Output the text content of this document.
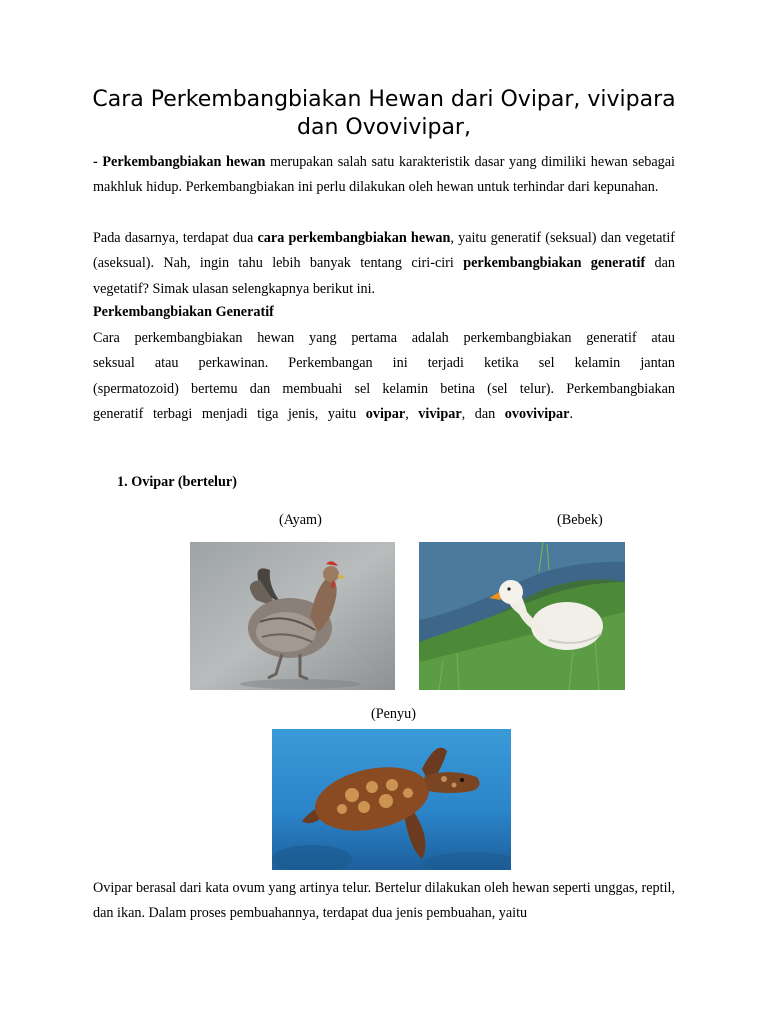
Cara Perkembangbiakan Hewan dari Ovipar, vivipara dan Ovovivipar,

- Perkembangbiakan hewan merupakan salah satu karakteristik dasar yang dimiliki hewan sebagai makhluk hidup. Perkembangbiakan ini perlu dilakukan oleh hewan untuk terhindar dari kepunahan.

Pada dasarnya, terdapat dua cara perkembangbiakan hewan, yaitu generatif (seksual) dan vegetatif (aseksual). Nah, ingin tahu lebih banyak tentang ciri-ciri perkembangbiakan generatif dan vegetatif? Simak ulasan selengkapnya berikut ini.

Perkembangbiakan Generatif

Cara perkembangbiakan hewan yang pertama adalah perkembangbiakan generatif atau seksual atau perkawinan. Perkembangan ini terjadi ketika sel kelamin jantan (spermatozoid) bertemu dan membuahi sel kelamin betina (sel telur). Perkembangbiakan generatif terbagi menjadi tiga jenis, yaitu ovipar, vivipar, dan ovovivipar.

1. Ovipar (bertelur)

(Ayam)	(Bebek)

(Penyu)

Ovipar berasal dari kata ovum yang artinya telur. Bertelur dilakukan oleh hewan seperti unggas, reptil, dan ikan. Dalam proses pembuahannya, terdapat dua jenis pembuahan, yaitu
